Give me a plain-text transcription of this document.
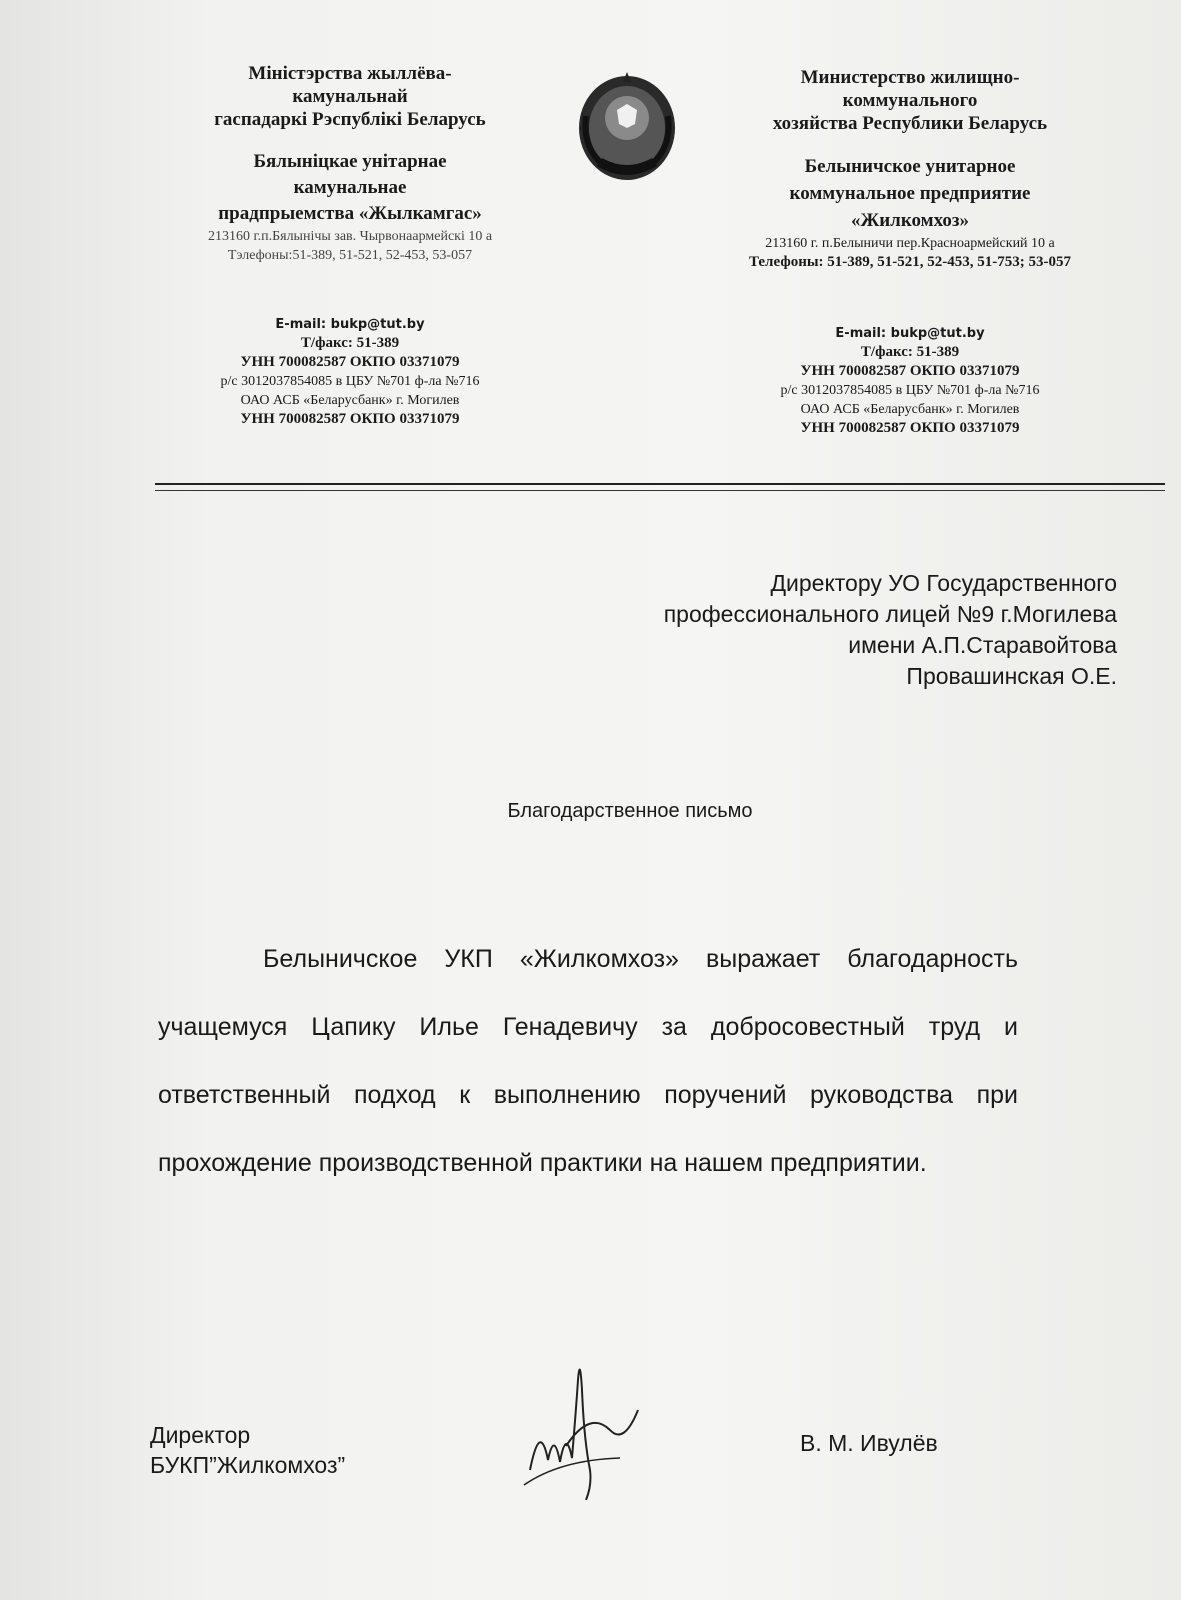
Міністэрства жыллёва-
камунальнай
гаспадаркі Рэспублікі Беларусь
Бялыніцкае унітарнае
камунальнае
прадпрыемства «Жылкамгас»
213160 г.п.Бялынічы зав. Чырвонаармейскі 10 а
Тэлефоны:51-389, 51-521, 52-453, 53-057
E-mail: bukp@tut.by
Т/факс: 51-389
УНН 700082587 ОКПО 03371079
р/с 3012037854085 в ЦБУ №701 ф-ла №716
ОАО АСБ «Беларусбанк» г. Могилев
УНН 700082587 ОКПО 03371079
Министерство жилищно-
коммунального
хозяйства Республики Беларусь
Белыничское унитарное
коммунальное предприятие
«Жилкомхоз»
213160 г. п.Белыничи пер.Красноармейский 10 а
Телефоны: 51-389, 51-521, 52-453, 51-753; 53-057
E-mail: bukp@tut.by
Т/факс: 51-389
УНН 700082587 ОКПО 03371079
р/с 3012037854085 в ЦБУ №701 ф-ла №716
ОАО АСБ «Беларусбанк» г. Могилев
УНН 700082587 ОКПО 03371079
Директору УО Государственного
профессионального лицей №9 г.Могилева
имени А.П.Старавойтова
Провашинская О.Е.
Благодарственное письмо
Белыничское УКП «Жилкомхоз» выражает благодарность учащемуся Цапику Илье Генадевичу за добросовестный труд и ответственный подход к выполнению поручений руководства при прохождение производственной практики на нашем предприятии.
Директор
БУКП”Жилкомхоз”
В. М. Ивулёв
